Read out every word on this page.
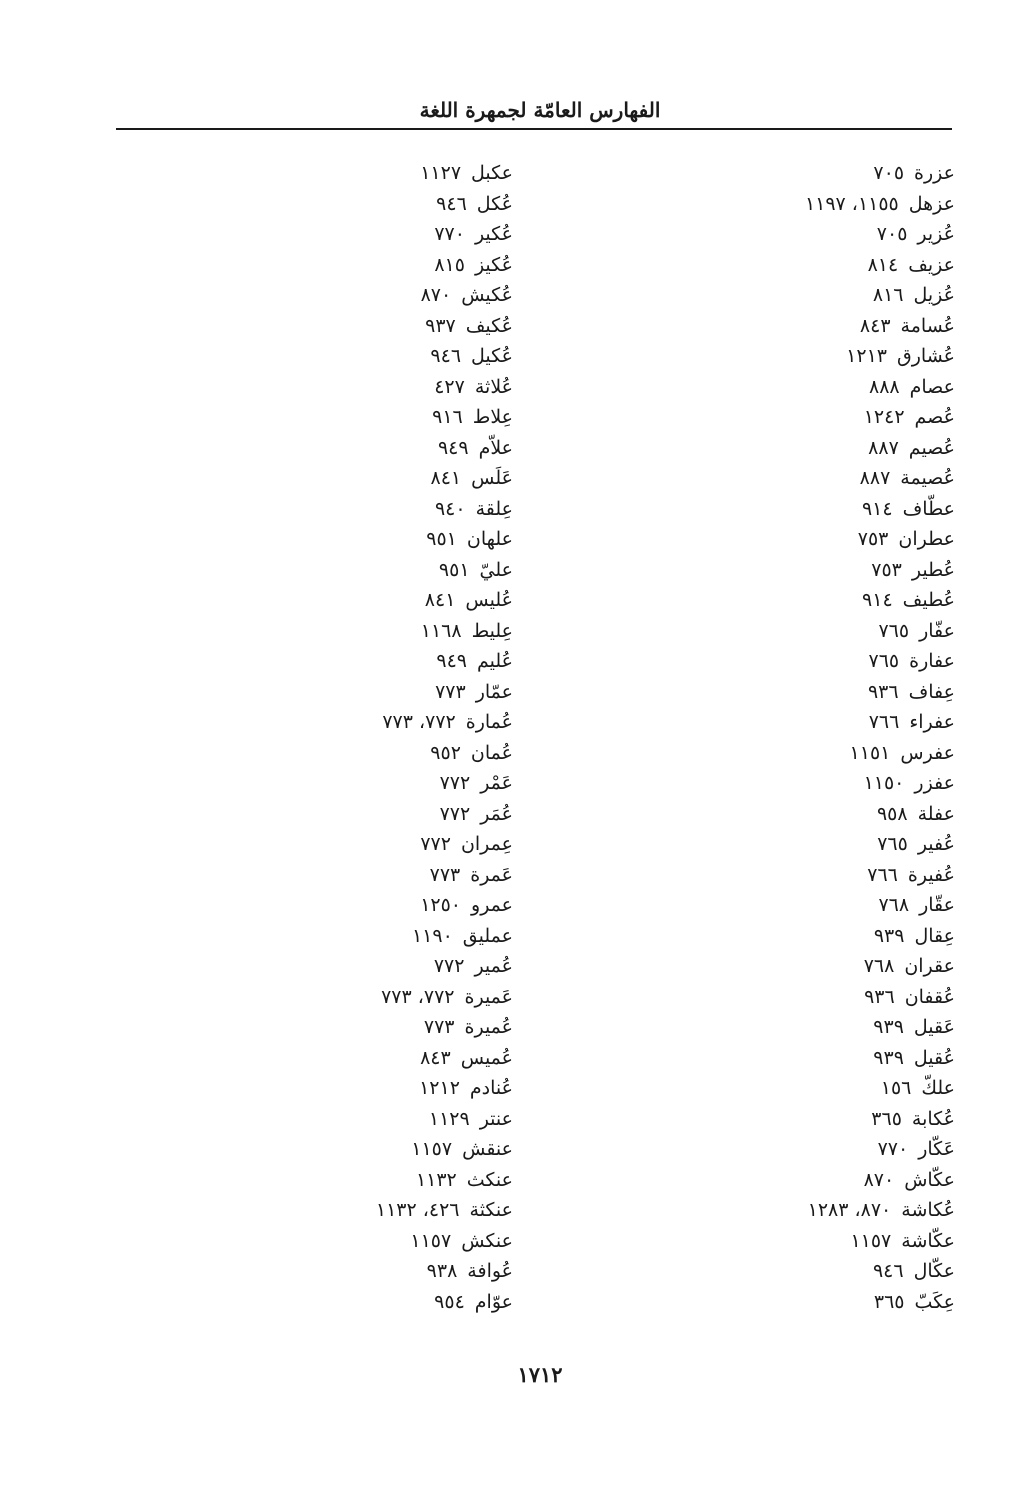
الفهارس العامّة لجمهرة اللغة
عزرة٧٠٥
عزهل١١٥٥، ١١٩٧
عُزير٧٠٥
عزيف٨١٤
عُزيل٨١٦
عُسامة٨٤٣
عُشارق١٢١٣
عصام٨٨٨
عُصم١٢٤٢
عُصيم٨٨٧
عُصيمة٨٨٧
عطّاف٩١٤
عطران٧٥٣
عُطير٧٥٣
عُطيف٩١٤
عفّار٧٦٥
عفارة٧٦٥
عِفاف٩٣٦
عفراء٧٦٦
عفرس١١٥١
عفزر١١٥٠
عفلة٩٥٨
عُفير٧٦٥
عُفيرة٧٦٦
عقّار٧٦٨
عِقال٩٣٩
عقران٧٦٨
عُقفان٩٣٦
عَقيل٩٣٩
عُقيل٩٣٩
علكّ١٥٦
عُكابة٣٦٥
عَكّار٧٧٠
عكّاش٨٧٠
عُكاشة٨٧٠، ١٢٨٣
عكّاشة١١٥٧
عكّال٩٤٦
عِكَبّ٣٦٥
عكبل١١٢٧
عُكل٩٤٦
عُكير٧٧٠
عُكيز٨١٥
عُكيش٨٧٠
عُكيف٩٣٧
عُكيل٩٤٦
عُلاثة٤٢٧
عِلاط٩١٦
علاّم٩٤٩
عَلَس٨٤١
عِلقة٩٤٠
علهان٩٥١
عليّ٩٥١
عُليس٨٤١
عِليط١١٦٨
عُليم٩٤٩
عمّار٧٧٣
عُمارة٧٧٢، ٧٧٣
عُمان٩٥٢
عَمْر٧٧٢
عُمَر٧٧٢
عِمران٧٧٢
عَمرة٧٧٣
عمرو١٢٥٠
عمليق١١٩٠
عُمير٧٧٢
عَميرة٧٧٢، ٧٧٣
عُميرة٧٧٣
عُميس٨٤٣
عُنادم١٢١٢
عنتر١١٢٩
عنقش١١٥٧
عنكث١١٣٢
عنكثة٤٢٦، ١١٣٢
عنكش١١٥٧
عُوافة٩٣٨
عوّام٩٥٤
١٧١٢
